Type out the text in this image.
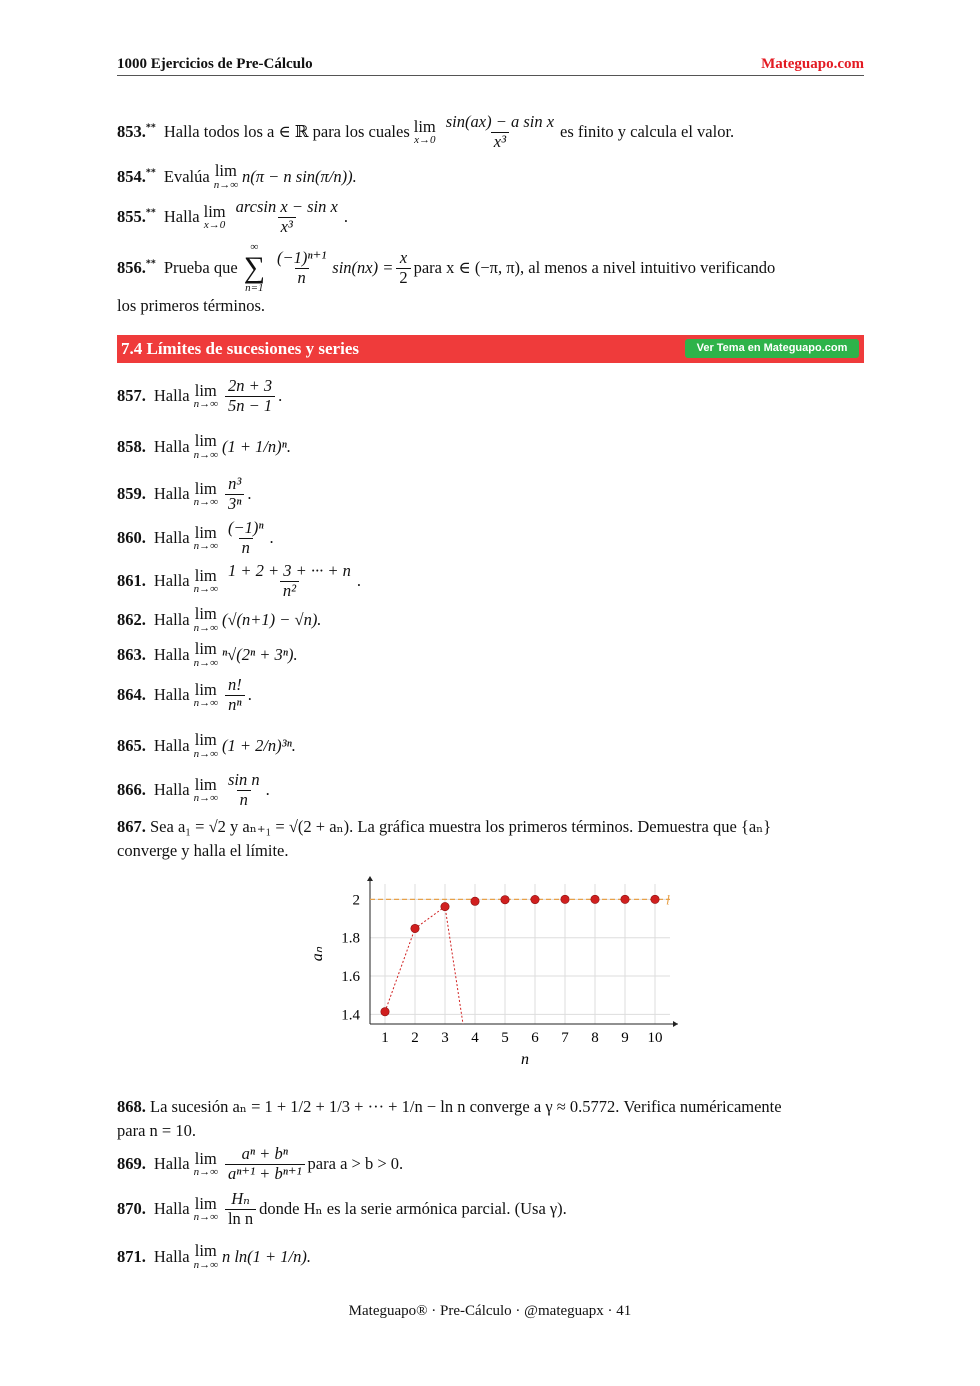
1000 Ejercicios de Pre-Cálculo	Mateguapo.com
853.** Halla todos los a ∈ ℝ para los cuales lim
$x\to 0 \frac{\text{sin(ax) − a sin x}}{\text{x³}}$ es finito y calcula el valor.
854.** Evalúa lim
n→∞ n(π − n sin(π/n)).
855.** Halla lim
$x\to 0 \frac{\text{arcsin x − sin x}}{\text{x³}}$ .
856.** Prueba que
∞
∑
n=1
$\frac{\text{(−1)ⁿ⁺¹}}{n} \sin(nx) = \frac{x}{2}$ para x ∈ (−π, π), al menos a nivel intuitivo verificando
los primeros términos.
7.4 Límites de sucesiones y series	Ver Tema en Mateguapo.com
857. Halla lim
$n\to\infty \frac{2n + 3}{5n - 1}$ .
858. Halla lim
n→∞ (1 + 1/n)ⁿ.
859. Halla lim
$n\to\infty \frac{\text{n³}}{\text{3ⁿ}}$ .
860. Halla lim
$n\to\infty \frac{\text{(−1)ⁿ}}{n}$ .
861. Halla lim
$n\to\infty \frac{1 + 2 + 3 + \cdot\cdot\cdot + n}{\text{n²}}$ .
862. Halla lim
n→∞ (√(n+1) − √n).
863. Halla lim
n→∞ ⁿ√(2ⁿ + 3ⁿ).
864. Halla lim
$n\to\infty \frac{n!}{\text{nⁿ}}$ .
865. Halla lim
n→∞ (1 + 2/n)³ⁿ.
866. Halla lim
$n\to\infty \frac{\text{sin n}}{n}$ .
867. Sea a₁ = √2 y aₙ₊₁ = √(2 + aₙ). La gráfica muestra los primeros términos. Demuestra que {aₙ}
converge y halla el límite.
l
1 2 3 4 5 6 7 8 9 10
1.4
1.6
1.8
2
n
aₙ
868. La sucesión aₙ = 1 + 1/2 + 1/3 + ··· + 1/n − ln n converge a γ ≈ 0.5772. Verifica numéricamente
para n = 10.
869. Halla lim
$n\to\infty \frac{\text{aⁿ + bⁿ}}{\text{aⁿ⁺¹ + bⁿ⁺¹}}$ para a > b > 0.
870. Halla lim
$n\to\infty \frac{\text{Hₙ}}{\text{ln n}}$ donde Hₙ es la serie armónica parcial. (Usa γ).
871. Halla lim
n→∞ n ln(1 + 1/n).
Mateguapo® · Pre-Cálculo · @mateguapx · 41
